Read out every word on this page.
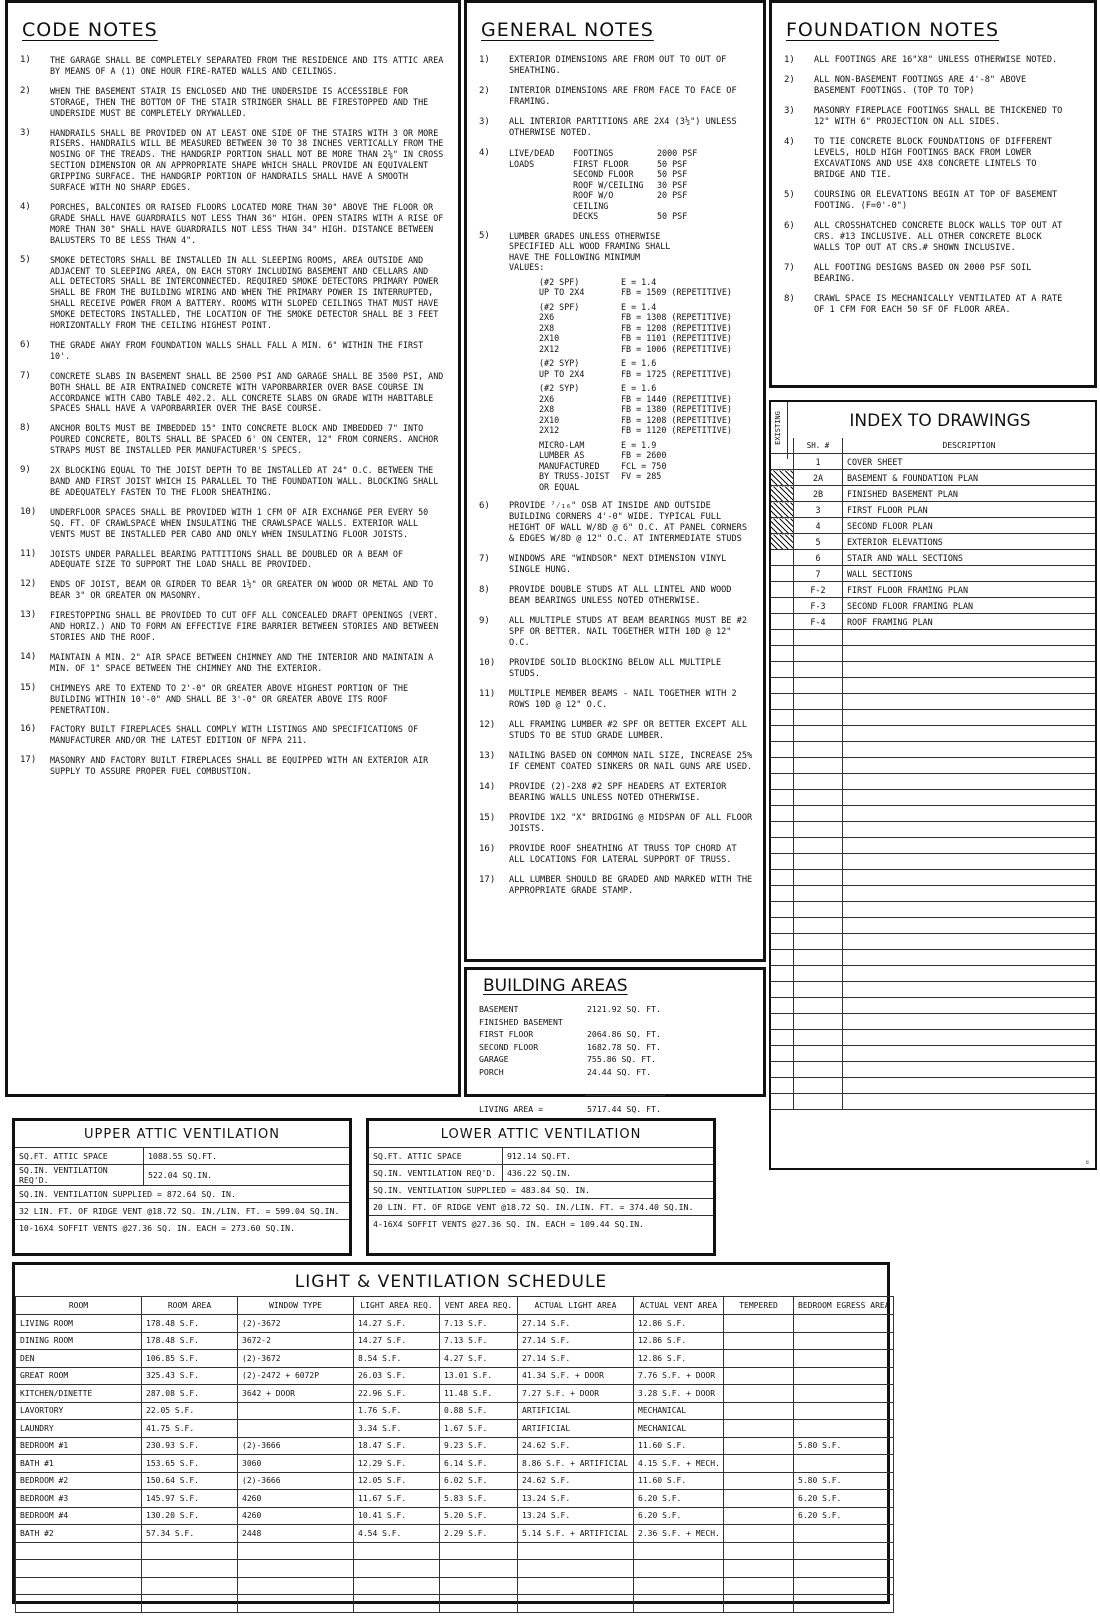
CODE NOTES
1)	THE GARAGE SHALL BE COMPLETELY SEPARATED FROM THE RESIDENCE AND ITS ATTIC AREA BY MEANS OF A (1) ONE HOUR FIRE-RATED WALLS AND CEILINGS.
2)	WHEN THE BASEMENT STAIR IS ENCLOSED AND THE UNDERSIDE IS ACCESSIBLE FOR STORAGE, THEN THE BOTTOM OF THE STAIR STRINGER SHALL BE FIRESTOPPED AND THE UNDERSIDE MUST BE COMPLETELY DRYWALLED.
3)	HANDRAILS SHALL BE PROVIDED ON AT LEAST ONE SIDE OF THE STAIRS WITH 3 OR MORE RISERS. HANDRAILS WILL BE MEASURED BETWEEN 30 TO 38 INCHES VERTICALLY FROM THE NOSING OF THE TREADS. THE HANDGRIP PORTION SHALL NOT BE MORE THAN 2⅝" IN CROSS SECTION DIMENSION OR AN APPROPRIATE SHAPE WHICH SHALL PROVIDE AN EQUIVALENT GRIPPING SURFACE. THE HANDGRIP PORTION OF HANDRAILS SHALL HAVE A SMOOTH SURFACE WITH NO SHARP EDGES.
4)	PORCHES, BALCONIES OR RAISED FLOORS LOCATED MORE THAN 30" ABOVE THE FLOOR OR GRADE SHALL HAVE GUARDRAILS NOT LESS THAN 36" HIGH. OPEN STAIRS WITH A RISE OF MORE THAN 30" SHALL HAVE GUARDRAILS NOT LESS THAN 34" HIGH. DISTANCE BETWEEN BALUSTERS TO BE LESS THAN 4".
5)	SMOKE DETECTORS SHALL BE INSTALLED IN ALL SLEEPING ROOMS, AREA OUTSIDE AND ADJACENT TO SLEEPING AREA, ON EACH STORY INCLUDING BASEMENT AND CELLARS AND ALL DETECTORS SHALL BE INTERCONNECTED. REQUIRED SMOKE DETECTORS PRIMARY POWER SHALL BE FROM THE BUILDING WIRING AND WHEN THE PRIMARY POWER IS INTERRUPTED, SHALL RECEIVE POWER FROM A BATTERY. ROOMS WITH SLOPED CEILINGS THAT MUST HAVE SMOKE DETECTORS INSTALLED, THE LOCATION OF THE SMOKE DETECTOR SHALL BE 3 FEET HORIZONTALLY FROM THE CEILING HIGHEST POINT.
6)	THE GRADE AWAY FROM FOUNDATION WALLS SHALL FALL A MIN. 6" WITHIN THE FIRST 10'.
7)	CONCRETE SLABS IN BASEMENT SHALL BE 2500 PSI AND GARAGE SHALL BE 3500 PSI, AND BOTH SHALL BE AIR ENTRAINED CONCRETE WITH VAPORBARRIER OVER BASE COURSE IN ACCORDANCE WITH CABO TABLE 402.2. ALL CONCRETE SLABS ON GRADE WITH HABITABLE SPACES SHALL HAVE A VAPORBARRIER OVER THE BASE COURSE.
8)	ANCHOR BOLTS MUST BE IMBEDDED 15" INTO CONCRETE BLOCK AND IMBEDDED 7" INTO POURED CONCRETE, BOLTS SHALL BE SPACED 6' ON CENTER, 12" FROM CORNERS. ANCHOR STRAPS MUST BE INSTALLED PER MANUFACTURER'S SPECS.
9)	2X BLOCKING EQUAL TO THE JOIST DEPTH TO BE INSTALLED AT 24" O.C. BETWEEN THE BAND AND FIRST JOIST WHICH IS PARALLEL TO THE FOUNDATION WALL. BLOCKING SHALL BE ADEQUATELY FASTEN TO THE FLOOR SHEATHING.
10)	UNDERFLOOR SPACES SHALL BE PROVIDED WITH 1 CFM OF AIR EXCHANGE PER EVERY 50 SQ. FT. OF CRAWLSPACE WHEN INSULATING THE CRAWLSPACE WALLS. EXTERIOR WALL VENTS MUST BE INSTALLED PER CABO AND ONLY WHEN INSULATING FLOOR JOISTS.
11)	JOISTS UNDER PARALLEL BEARING PATTITIONS SHALL BE DOUBLED OR A BEAM OF ADEQUATE SIZE TO SUPPORT THE LOAD SHALL BE PROVIDED.
12)	ENDS OF JOIST, BEAM OR GIRDER TO BEAR 1½" OR GREATER ON WOOD OR METAL AND TO BEAR 3" OR GREATER ON MASONRY.
13)	FIRESTOPPING SHALL BE PROVIDED TO CUT OFF ALL CONCEALED DRAFT OPENINGS (VERT. AND HORIZ.) AND TO FORM AN EFFECTIVE FIRE BARRIER BETWEEN STORIES AND BETWEEN STORIES AND THE ROOF.
14)	MAINTAIN A MIN. 2" AIR SPACE BETWEEN CHIMNEY AND THE INTERIOR AND MAINTAIN A MIN. OF 1" SPACE BETWEEN THE CHIMNEY AND THE EXTERIOR.
15)	CHIMNEYS ARE TO EXTEND TO 2'-0" OR GREATER ABOVE HIGHEST PORTION OF THE BUILDING WITHIN 10'-0" AND SHALL BE 3'-0" OR GREATER ABOVE ITS ROOF PENETRATION.
16)	FACTORY BUILT FIREPLACES SHALL COMPLY WITH LISTINGS AND SPECIFICATIONS OF MANUFACTURER AND/OR THE LATEST EDITION OF NFPA 211.
17)	MASONRY AND FACTORY BUILT FIREPLACES SHALL BE EQUIPPED WITH AN EXTERIOR AIR SUPPLY TO ASSURE PROPER FUEL COMBUSTION.
GENERAL NOTES
1)	EXTERIOR DIMENSIONS ARE FROM OUT TO OUT OF SHEATHING.
2)	INTERIOR DIMENSIONS ARE FROM FACE TO FACE OF FRAMING.
3)	ALL INTERIOR PARTITIONS ARE 2X4 (3½") UNLESS OTHERWISE NOTED.
4)	LIVE/DEAD LOADS	
FOOTINGS	2000 PSF
FIRST FLOOR	50 PSF
SECOND FLOOR	50 PSF
ROOF W/CEILING	30 PSF
ROOF W/O CEILING	20 PSF
DECKS	50 PSF
5)	LUMBER GRADES UNLESS OTHERWISE SPECIFIED ALL WOOD FRAMING SHALL HAVE THE FOLLOWING MINIMUM VALUES:
(#2 SPF)	E = 1.4
UP TO 2X4	FB = 1509 (REPETITIVE)
(#2 SPF)	E = 1.4
2X6	FB = 1308 (REPETITIVE)
2X8	FB = 1208 (REPETITIVE)
2X10	FB = 1101 (REPETITIVE)
2X12	FB = 1006 (REPETITIVE)
(#2 SYP)	E = 1.6
UP TO 2X4	FB = 1725 (REPETITIVE)
(#2 SYP)	E = 1.6
2X6	FB = 1440 (REPETITIVE)
2X8	FB = 1380 (REPETITIVE)
2X10	FB = 1208 (REPETITIVE)
2X12	FB = 1120 (REPETITIVE)
MICRO-LAM	E = 1.9
LUMBER AS	FB = 2600
MANUFACTURED	FCL = 750
BY TRUSS-JOIST	FV = 285
OR EQUAL	
6)	PROVIDE ⁷⁄₁₆" OSB AT INSIDE AND OUTSIDE BUILDING CORNERS 4'-0" WIDE. TYPICAL FULL HEIGHT OF WALL W/8D @ 6" O.C. AT PANEL CORNERS & EDGES W/8D @ 12" O.C. AT INTERMEDIATE STUDS
7)	WINDOWS ARE "WINDSOR" NEXT DIMENSION VINYL SINGLE HUNG.
8)	PROVIDE DOUBLE STUDS AT ALL LINTEL AND WOOD BEAM BEARINGS UNLESS NOTED OTHERWISE.
9)	ALL MULTIPLE STUDS AT BEAM BEARINGS MUST BE #2 SPF OR BETTER. NAIL TOGETHER WITH 10D @ 12" O.C.
10)	PROVIDE SOLID BLOCKING BELOW ALL MULTIPLE STUDS.
11)	MULTIPLE MEMBER BEAMS - NAIL TOGETHER WITH 2 ROWS 10D @ 12" O.C.
12)	ALL FRAMING LUMBER #2 SPF OR BETTER EXCEPT ALL STUDS TO BE STUD GRADE LUMBER.
13)	NAILING BASED ON COMMON NAIL SIZE, INCREASE 25% IF CEMENT COATED SINKERS OR NAIL GUNS ARE USED.
14)	PROVIDE (2)-2X8 #2 SPF HEADERS AT EXTERIOR BEARING WALLS UNLESS NOTED OTHERWISE.
15)	PROVIDE 1X2 "X" BRIDGING @ MIDSPAN OF ALL FLOOR JOISTS.
16)	PROVIDE ROOF SHEATHING AT TRUSS TOP CHORD AT ALL LOCATIONS FOR LATERAL SUPPORT OF TRUSS.
17)	ALL LUMBER SHOULD BE GRADED AND MARKED WITH THE APPROPRIATE GRADE STAMP.
FOUNDATION NOTES
1)	ALL FOOTINGS ARE 16"X8" UNLESS OTHERWISE NOTED.
2)	ALL NON-BASEMENT FOOTINGS ARE 4'-8" ABOVE BASEMENT FOOTINGS. (TOP TO TOP)
3)	MASONRY FIREPLACE FOOTINGS SHALL BE THICKENED TO 12" WITH 6" PROJECTION ON ALL SIDES.
4)	TO TIE CONCRETE BLOCK FOUNDATIONS OF DIFFERENT LEVELS, HOLD HIGH FOOTINGS BACK FROM LOWER EXCAVATIONS AND USE 4X8 CONCRETE LINTELS TO BRIDGE AND TIE.
5)	COURSING OR ELEVATIONS BEGIN AT TOP OF BASEMENT FOOTING. (F=0'-0")
6)	ALL CROSSHATCHED CONCRETE BLOCK WALLS TOP OUT AT CRS. #13 INCLUSIVE. ALL OTHER CONCRETE BLOCK WALLS TOP OUT AT CRS.# SHOWN INCLUSIVE.
7)	ALL FOOTING DESIGNS BASED ON 2000 PSF SOIL BEARING.
8)	CRAWL SPACE IS MECHANICALLY VENTILATED AT A RATE OF 1 CFM FOR EACH 50 SF OF FLOOR AREA.
INDEX TO DRAWINGS
EXISTING
	SH. #	DESCRIPTION
	1	COVER SHEET
	2A	BASEMENT & FOUNDATION PLAN
	2B	FINISHED BASEMENT PLAN
	3	FIRST FLOOR PLAN
	4	SECOND FLOOR PLAN
	5	EXTERIOR ELEVATIONS
	6	STAIR AND WALL SECTIONS
	7	WALL SECTIONS
	F-2	FIRST FLOOR FRAMING PLAN
	F-3	SECOND FLOOR FRAMING PLAN
	F-4	ROOF FRAMING PLAN

©
BUILDING AREAS
BASEMENT	2121.92 SQ. FT.
FINISHED BASEMENT	
FIRST FLOOR	2064.86 SQ. FT.
SECOND FLOOR	1682.78 SQ. FT.
GARAGE	755.86 SQ. FT.
PORCH	24.44 SQ. FT.
LIVING AREA =	5717.44 SQ. FT.
UPPER ATTIC VENTILATION
SQ.FT. ATTIC SPACE	1088.55 SQ.FT.
SQ.IN. VENTILATION REQ'D.	522.04 SQ.IN.
SQ.IN. VENTILATION SUPPLIED = 872.64 SQ. IN.	
32 LIN. FT. OF RIDGE VENT @18.72 SQ. IN./LIN. FT. = 599.04 SQ.IN.	
10-16X4 SOFFIT VENTS @27.36 SQ. IN. EACH = 273.60 SQ.IN.	
LOWER ATTIC VENTILATION
SQ.FT. ATTIC SPACE	912.14 SQ.FT.
SQ.IN. VENTILATION REQ'D.	436.22 SQ.IN.
SQ.IN. VENTILATION SUPPLIED = 483.84 SQ. IN.	
20 LIN. FT. OF RIDGE VENT @18.72 SQ. IN./LIN. FT. = 374.40 SQ.IN.	
4-16X4 SOFFIT VENTS @27.36 SQ. IN. EACH = 109.44 SQ.IN.	
LIGHT & VENTILATION SCHEDULE
ROOM	ROOM AREA	WINDOW TYPE	LIGHT AREA REQ.	VENT AREA REQ.	ACTUAL LIGHT AREA	ACTUAL VENT AREA	TEMPERED	BEDROOM EGRESS AREA
LIVING ROOM	178.48 S.F.	(2)-3672	14.27 S.F.	7.13 S.F.	27.14 S.F.	12.86 S.F.		
DINING ROOM	178.48 S.F.	3672-2	14.27 S.F.	7.13 S.F.	27.14 S.F.	12.86 S.F.		
DEN	106.85 S.F.	(2)-3672	8.54 S.F.	4.27 S.F.	27.14 S.F.	12.86 S.F.		
GREAT ROOM	325.43 S.F.	(2)-2472 + 6072P	26.03 S.F.	13.01 S.F.	41.34 S.F. + DOOR	7.76 S.F. + DOOR		
KITCHEN/DINETTE	287.08 S.F.	3642 + DOOR	22.96 S.F.	11.48 S.F.	7.27 S.F. + DOOR	3.28 S.F. + DOOR		
LAVORTORY	22.05 S.F.		1.76 S.F.	0.88 S.F.	ARTIFICIAL	MECHANICAL		
LAUNDRY	41.75 S.F.		3.34 S.F.	1.67 S.F.	ARTIFICIAL	MECHANICAL		
BEDROOM #1	230.93 S.F.	(2)-3666	18.47 S.F.	9.23 S.F.	24.62 S.F.	11.60 S.F.		5.80 S.F.
BATH #1	153.65 S.F.	3060	12.29 S.F.	6.14 S.F.	8.86 S.F. + ARTIFICIAL	4.15 S.F. + MECH.		
BEDROOM #2	150.64 S.F.	(2)-3666	12.05 S.F.	6.02 S.F.	24.62 S.F.	11.60 S.F.		5.80 S.F.
BEDROOM #3	145.97 S.F.	4260	11.67 S.F.	5.83 S.F.	13.24 S.F.	6.20 S.F.		6.20 S.F.
BEDROOM #4	130.20 S.F.	4260	10.41 S.F.	5.20 S.F.	13.24 S.F.	6.20 S.F.		6.20 S.F.
BATH #2	57.34 S.F.	2448	4.54 S.F.	2.29 S.F.	5.14 S.F. + ARTIFICIAL	2.36 S.F. + MECH.		
